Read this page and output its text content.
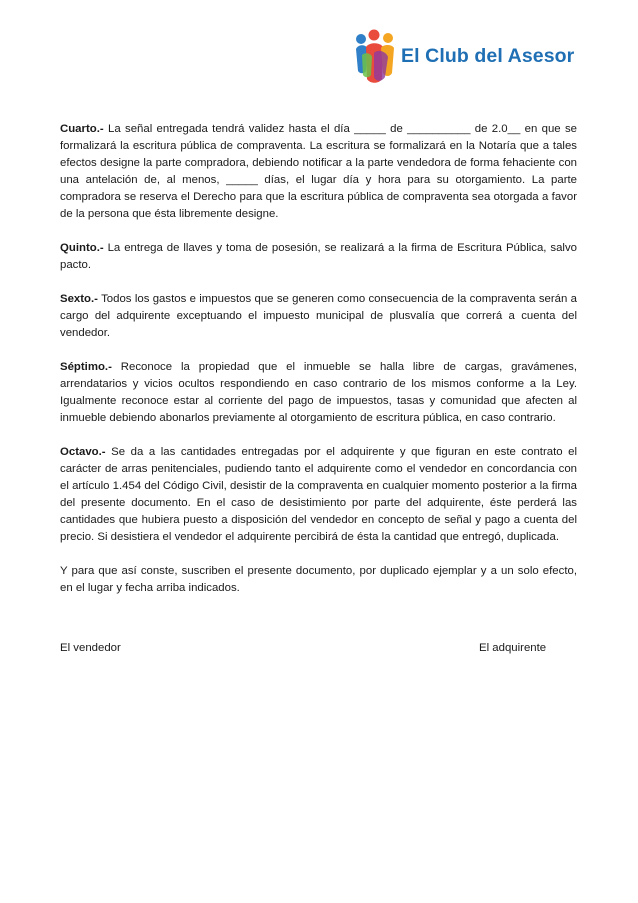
El Club del Asesor

Cuarto.- La señal entregada tendrá validez hasta el día _____ de __________ de 2.0__ en que se formalizará la escritura pública de compraventa. La escritura se formalizará en la Notaría que a tales efectos designe la parte compradora, debiendo notificar a la parte vendedora de forma fehaciente con una antelación de, al menos, _____ días, el lugar día y hora para su otorgamiento. La parte compradora se reserva el Derecho para que la escritura pública de compraventa sea otorgada a favor de la persona que ésta libremente designe.

Quinto.- La entrega de llaves y toma de posesión, se realizará a la firma de Escritura Pública, salvo pacto.

Sexto.- Todos los gastos e impuestos que se generen como consecuencia de la compraventa serán a cargo del adquirente exceptuando el impuesto municipal de plusvalía que correrá a cuenta del vendedor.

Séptimo.- Reconoce la propiedad que el inmueble se halla libre de cargas, gravámenes, arrendatarios y vicios ocultos respondiendo en caso contrario de los mismos conforme a la Ley. Igualmente reconoce estar al corriente del pago de impuestos, tasas y comunidad que afecten al inmueble debiendo abonarlos previamente al otorgamiento de escritura pública, en caso contrario.

Octavo.- Se da a las cantidades entregadas por el adquirente y que figuran en este contrato el carácter de arras penitenciales, pudiendo tanto el adquirente como el vendedor en concordancia con el artículo 1.454 del Código Civil, desistir de la compraventa en cualquier momento posterior a la firma del presente documento. En el caso de desistimiento por parte del adquirente, éste perderá las cantidades que hubiera puesto a disposición del vendedor en concepto de señal y pago a cuenta del precio. Si desistiera el vendedor el adquirente percibirá de ésta la cantidad que entregó, duplicada.

Y para que así conste, suscriben el presente documento, por duplicado ejemplar y a un solo efecto, en el lugar y fecha arriba indicados.

El vendedor	El adquirente
